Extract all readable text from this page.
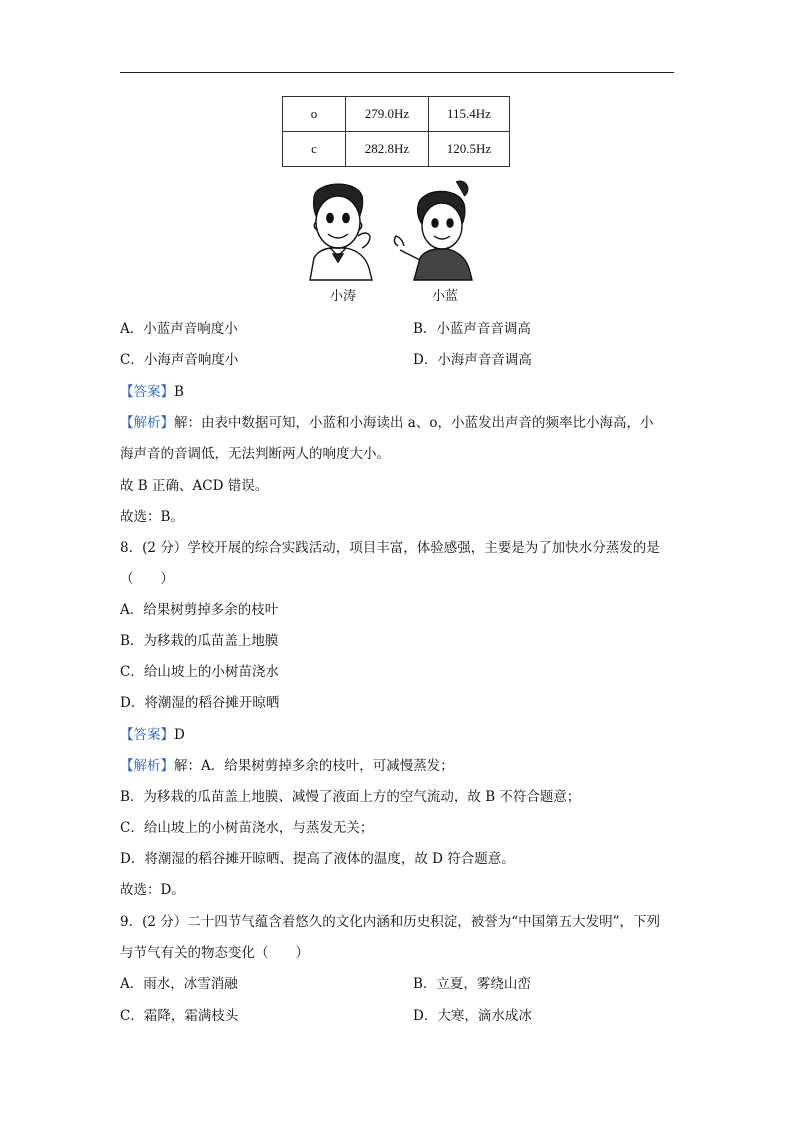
o	279.0Hz	115.4Hz
c	282.8Hz	120.5Hz
小涛	小蓝
A．小蓝声音响度小	B．小蓝声音音调高
C．小海声音响度小	D．小海声音音调高
【答案】B
【解析】解：由表中数据可知，小蓝和小海读出 a、o，小蓝发出声音的频率比小海高，小
海声音的音调低，无法判断两人的响度大小。
故 B 正确、ACD 错误。
故选：B。
8．(2 分）学校开展的综合实践活动，项目丰富，体验感强，主要是为了加快水分蒸发的是
（　　）
A．给果树剪掉多余的枝叶
B．为移栽的瓜苗盖上地膜
C．给山坡上的小树苗浇水
D．将潮湿的稻谷摊开晾晒
【答案】D
【解析】解：A．给果树剪掉多余的枝叶，可减慢蒸发；
B．为移栽的瓜苗盖上地膜、减慢了液面上方的空气流动，故 B 不符合题意；
C．给山坡上的小树苗浇水，与蒸发无关；
D．将潮湿的稻谷摊开晾晒、提高了液体的温度，故 D 符合题意。
故选：D。
9．(2 分）二十四节气蕴含着悠久的文化内涵和历史积淀，被誉为“中国第五大发明”，下列
与节气有关的物态变化（　　）
A．雨水，冰雪消融	B．立夏，雾绕山峦
C．霜降，霜满枝头	D．大寒，滴水成冰
